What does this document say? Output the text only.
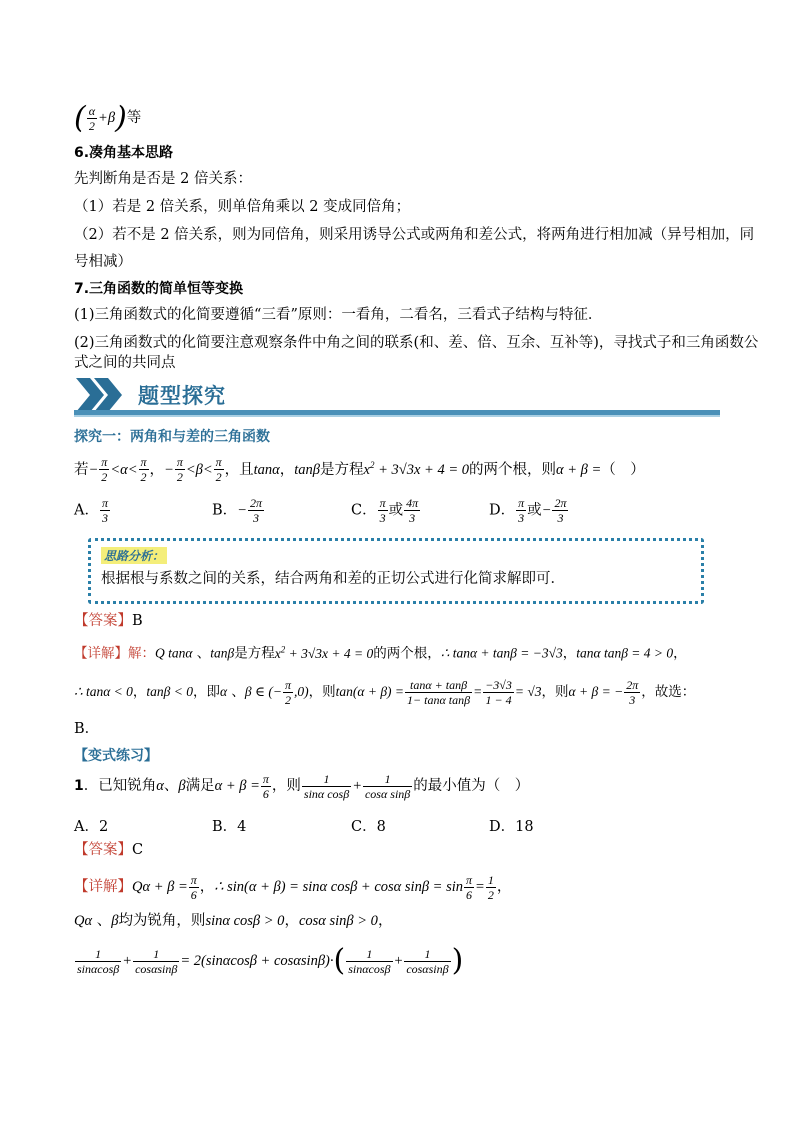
( $\frac{\alpha}{2} +\beta$)等
6.凑角基本思路
先判断角是否是 2 倍关系：
（1）若是 2 倍关系，则单倍角乘以 2 变成同倍角；
（2）若不是 2 倍关系，则为同倍角，则采用诱导公式或两角和差公式，将两角进行相加减（异号相加，同
号相减）
7.三角函数的简单恒等变换
(1)三角函数式的化简要遵循“三看”原则：一看角，二看名，三看式子结构与特征．
(2)三角函数式的化简要注意观察条件中角之间的联系(和、差、倍、互余、互补等)，寻找式子和三角函数公
式之间的共同点
题型探究
探究一：两角和与差的三角函数
若− $\frac{\pi}{2} <\alpha< \frac{\pi}{2}$ ，− $\frac{\pi}{2} <\beta< \frac{\pi}{2}$ ，且tanα，tanβ是方程$x^2 + 3√3x + 4 = 0$的两个根，则α + β =（　）
A． $\frac{\pi}{3}$	B．− $\frac{2\pi}{3}$	C． $\frac{\pi}{3}$ 或 $\frac{4\pi}{3}$	D． $\frac{\pi}{3}$ 或− $\frac{2\pi}{3}$
思路分析：
根据根与系数之间的关系，结合两角和差的正切公式进行化简求解即可．
【答案】B
【详解】解：Q tanα 、tanβ是方程$x^2 + 3√3x + 4 = 0$的两个根，∴ tanα + tanβ = −3√3，tanα tanβ = 4 > 0，
∴ tanα < 0，tanβ < 0，即α 、β ∈ (− $\frac{\pi}{2} ,0$)，则$\tan(\alpha + \beta) = \frac{\tan\alpha + \tan\beta}{\text{1− tanα tanβ}} = \frac{-3√3}{1 - 4} = √3$，则α + β = − $\frac{2\pi}{3}$ ，故选：
B．
【变式练习】
1．已知锐角α、β满足$\alpha + \beta = \frac{\pi}{6}$ ，则 $\frac{1}{\text{sinα cosβ}} + \frac{1}{\text{cosα sinβ}}$ 的最小值为（　）
A．2	B．4	C．8	D．18
【答案】C
【详解】$Q\alpha + \beta = \frac{\pi}{6}$ ，∴ sin(α + β) = sinα cosβ + cosα $\sin\beta = \sin \frac{\pi}{6} = \frac{1}{2}$ ，
Qα 、β均为锐角，则sinα cosβ > 0，cosα sinβ > 0，
$\frac{1}{\sin\alpha\cos\beta} + \frac{1}{\cos\alpha\sin\beta} = 2(\sin\alpha\cos\beta + \cos\alpha\sin\beta)\cdot( \frac{1}{\sin\alpha\cos\beta} + \frac{1}{\cos\alpha\sin\beta}$ )
